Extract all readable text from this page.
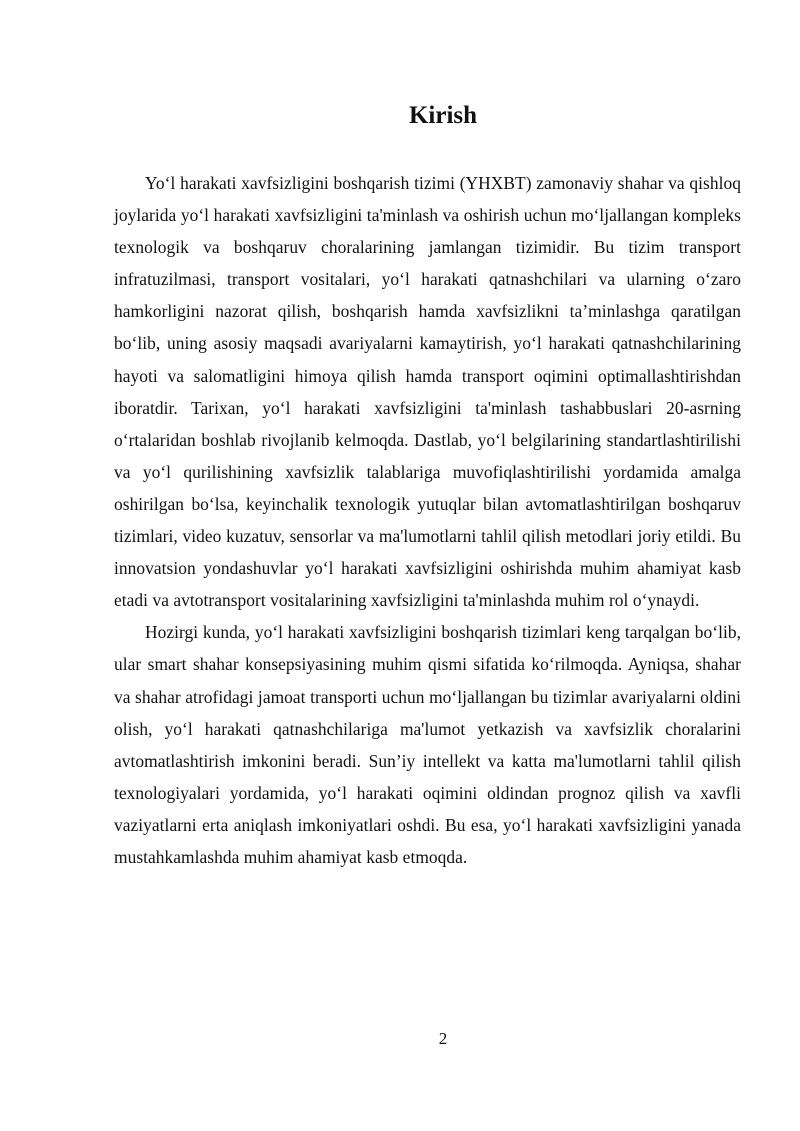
Kirish

Yo‘l harakati xavfsizligini boshqarish tizimi (YHXBT) zamonaviy shahar va qishloq joylarida yo‘l harakati xavfsizligini ta'minlash va oshirish uchun mo‘ljallangan kompleks texnologik va boshqaruv choralarining jamlangan tizimidir. Bu tizim transport infratuzilmasi, transport vositalari, yo‘l harakati qatnashchilari va ularning o‘zaro hamkorligini nazorat qilish, boshqarish hamda xavfsizlikni ta’minlashga qaratilgan bo‘lib, uning asosiy maqsadi avariyalarni kamaytirish, yo‘l harakati qatnashchilarining hayoti va salomatligini himoya qilish hamda transport oqimini optimallashtirishdan iboratdir. Tarixan, yo‘l harakati xavfsizligini ta'minlash tashabbuslari 20-asrning o‘rtalaridan boshlab rivojlanib kelmoqda. Dastlab, yo‘l belgilarining standartlashtirilishi va yo‘l qurilishining xavfsizlik talablariga muvofiqlashtirilishi yordamida amalga oshirilgan bo‘lsa, keyinchalik texnologik yutuqlar bilan avtomatlashtirilgan boshqaruv tizimlari, video kuzatuv, sensorlar va ma'lumotlarni tahlil qilish metodlari joriy etildi. Bu innovatsion yondashuvlar yo‘l harakati xavfsizligini oshirishda muhim ahamiyat kasb etadi va avtotransport vositalarining xavfsizligini ta'minlashda muhim rol o‘ynaydi.

Hozirgi kunda, yo‘l harakati xavfsizligini boshqarish tizimlari keng tarqalgan bo‘lib, ular smart shahar konsepsiyasining muhim qismi sifatida ko‘rilmoqda. Ayniqsa, shahar va shahar atrofidagi jamoat transporti uchun mo‘ljallangan bu tizimlar avariyalarni oldini olish, yo‘l harakati qatnashchilariga ma'lumot yetkazish va xavfsizlik choralarini avtomatlashtirish imkonini beradi. Sun’iy intellekt va katta ma'lumotlarni tahlil qilish texnologiyalari yordamida, yo‘l harakati oqimini oldindan prognoz qilish va xavfli vaziyatlarni erta aniqlash imkoniyatlari oshdi. Bu esa, yo‘l harakati xavfsizligini yanada mustahkamlashda muhim ahamiyat kasb etmoqda.

2
